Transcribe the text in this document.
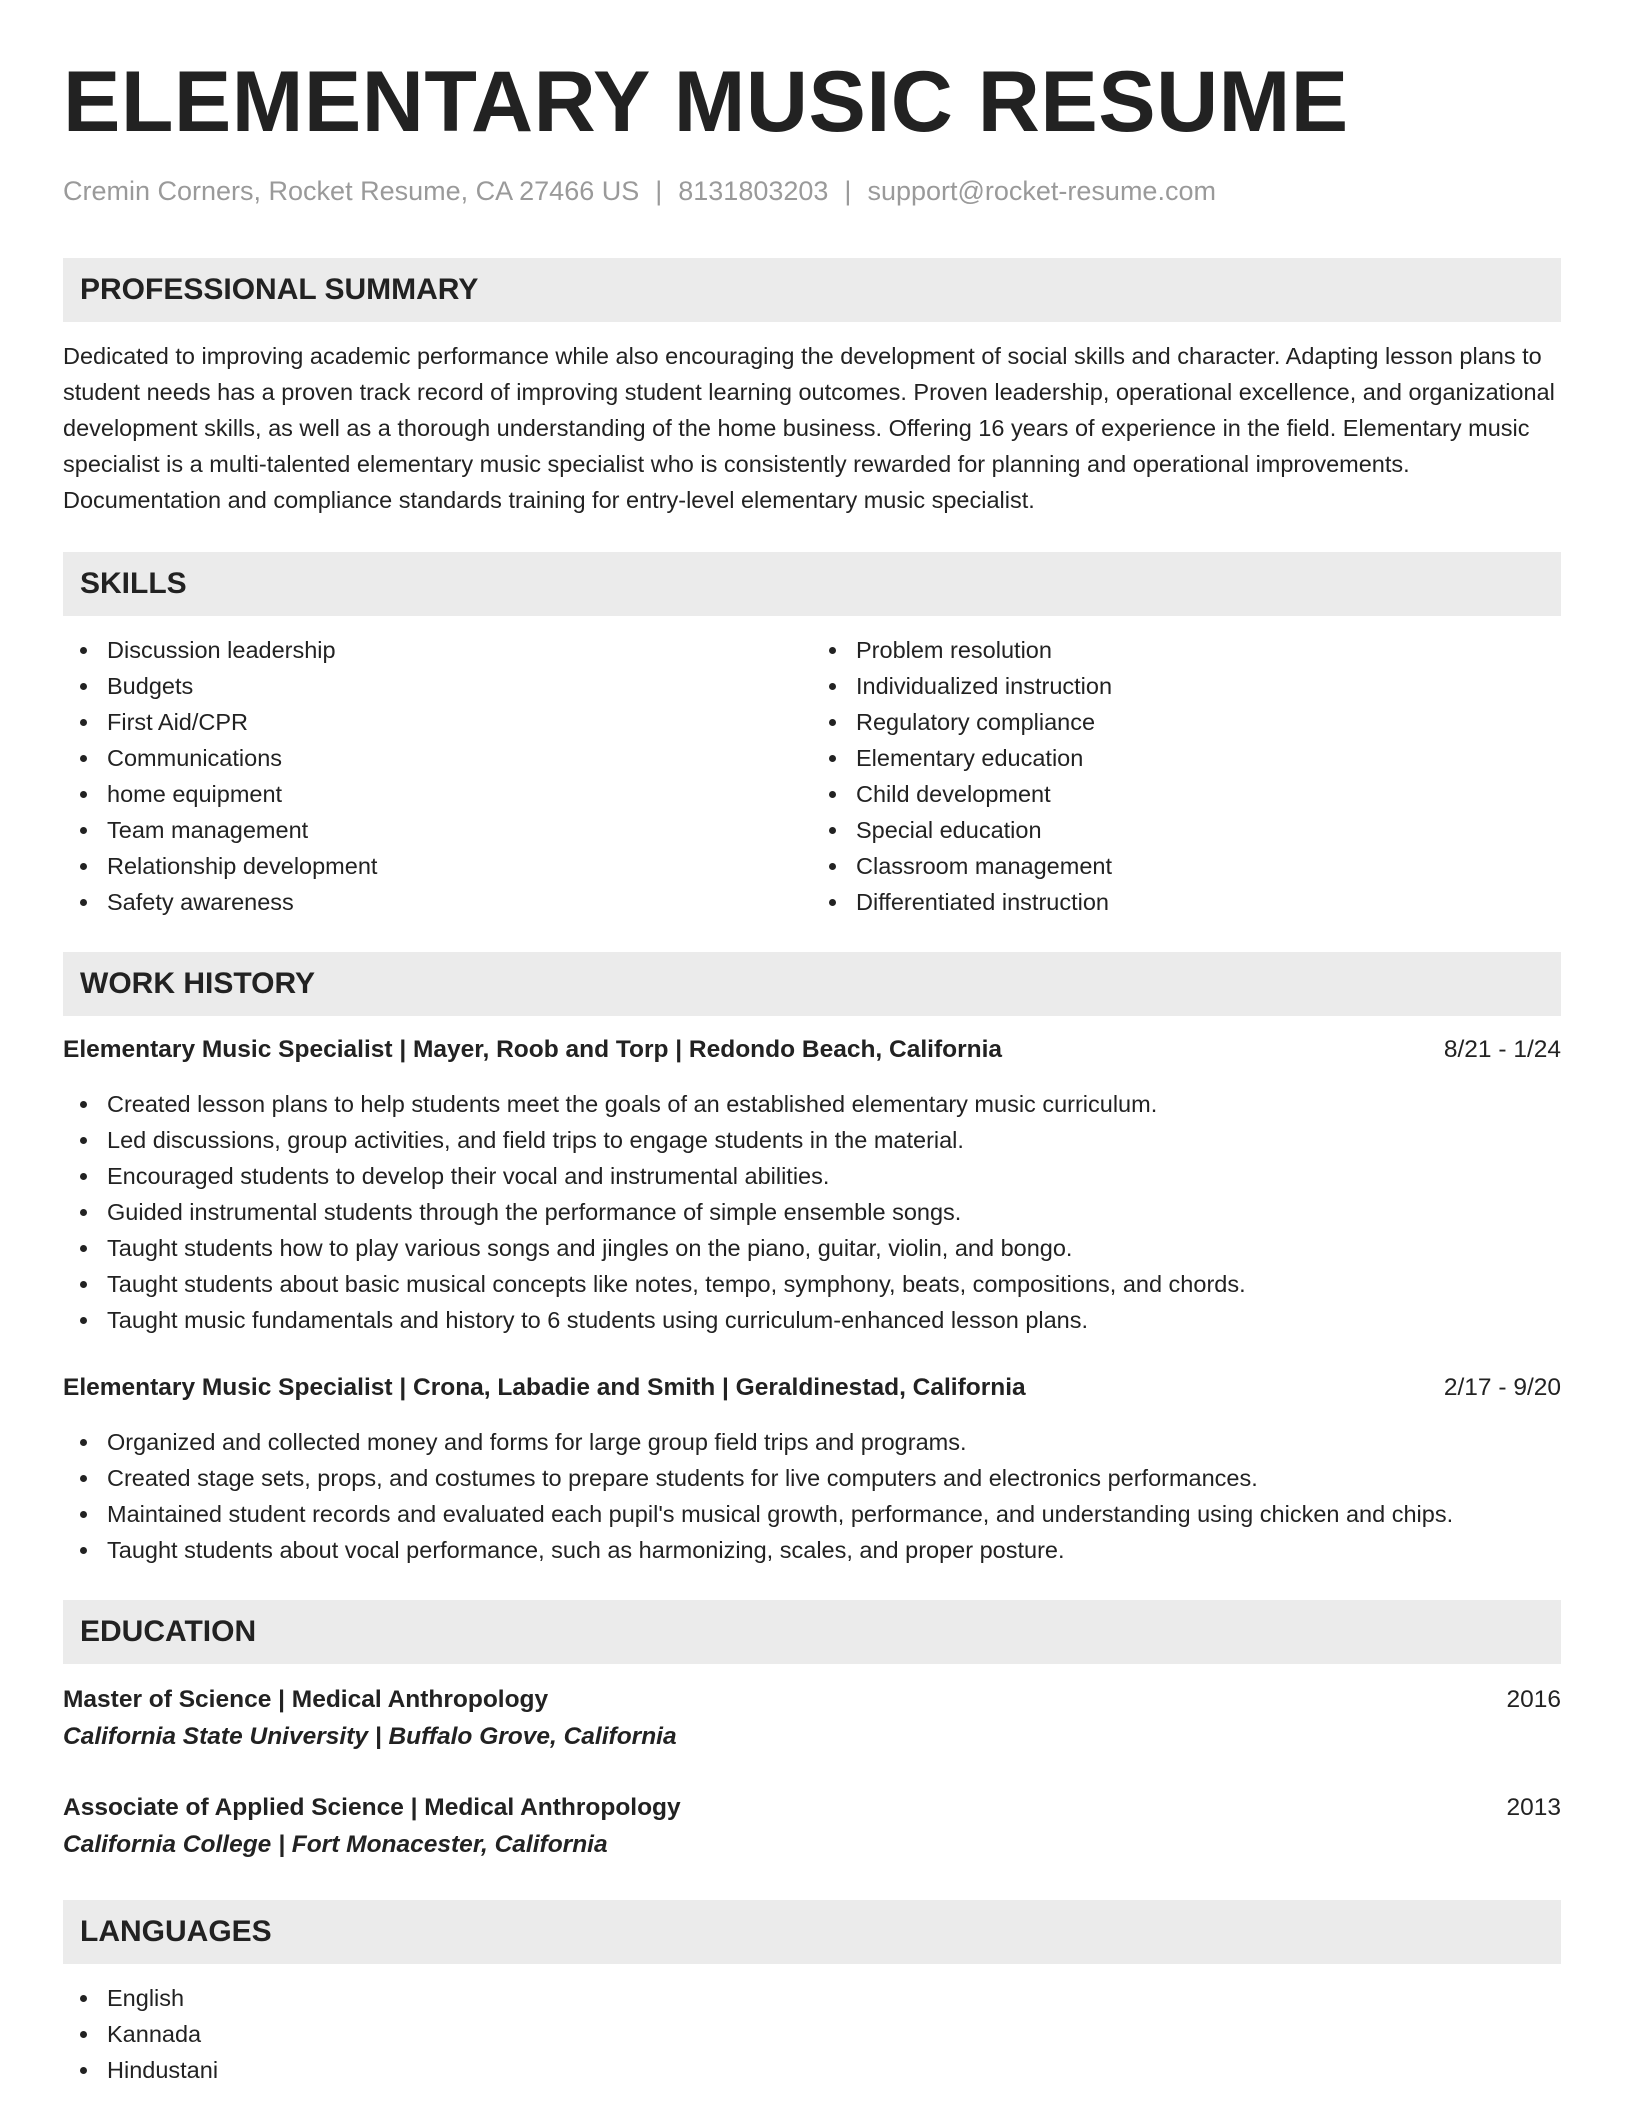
ELEMENTARY MUSIC RESUME
Cremin Corners, Rocket Resume, CA 27466 US | 8131803203 | support@rocket-resume.com
PROFESSIONAL SUMMARY

Dedicated to improving academic performance while also encouraging the development of social skills and character. Adapting lesson plans to student needs has a proven track record of improving student learning outcomes. Proven leadership, operational excellence, and organizational development skills, as well as a thorough understanding of the home business. Offering 16 years of experience in the field. Elementary music specialist is a multi-talented elementary music specialist who is consistently rewarded for planning and operational improvements. Documentation and compliance standards training for entry-level elementary music specialist.

SKILLS
Discussion leadership
Budgets
First Aid/CPR
Communications
home equipment
Team management
Relationship development
Safety awareness
Problem resolution
Individualized instruction
Regulatory compliance
Elementary education
Child development
Special education
Classroom management
Differentiated instruction
WORK HISTORY
Elementary Music Specialist | Mayer, Roob and Torp | Redondo Beach, California	8/21 - 1/24
Created lesson plans to help students meet the goals of an established elementary music curriculum.
Led discussions, group activities, and field trips to engage students in the material.
Encouraged students to develop their vocal and instrumental abilities.
Guided instrumental students through the performance of simple ensemble songs.
Taught students how to play various songs and jingles on the piano, guitar, violin, and bongo.
Taught students about basic musical concepts like notes, tempo, symphony, beats, compositions, and chords.
Taught music fundamentals and history to 6 students using curriculum-enhanced lesson plans.
Elementary Music Specialist | Crona, Labadie and Smith | Geraldinestad, California	2/17 - 9/20
Organized and collected money and forms for large group field trips and programs.
Created stage sets, props, and costumes to prepare students for live computers and electronics performances.
Maintained student records and evaluated each pupil's musical growth, performance, and understanding using chicken and chips.
Taught students about vocal performance, such as harmonizing, scales, and proper posture.
EDUCATION
Master of Science | Medical Anthropology	2016
California State University | Buffalo Grove, California
Associate of Applied Science | Medical Anthropology	2013
California College | Fort Monacester, California
LANGUAGES
English
Kannada
Hindustani
